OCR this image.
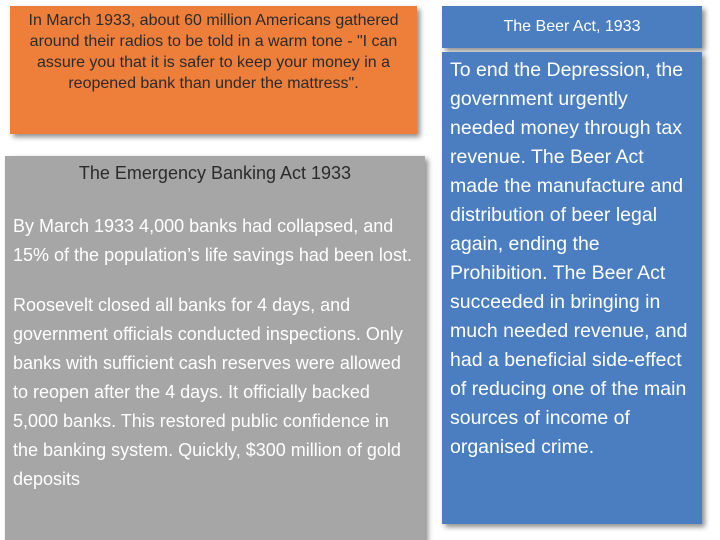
In March 1933, about 60 million Americans gathered around their radios to be told in a warm tone - "I can assure you that it is safer to keep your money in a reopened bank than under the mattress".
The Emergency Banking Act 1933

By March 1933 4,000 banks had collapsed, and 15% of the population’s life savings had been lost.

Roosevelt closed all banks for 4 days, and government officials conducted inspections. Only banks with sufficient cash reserves were allowed to reopen after the 4 days. It officially backed 5,000 banks. This restored public confidence in the banking system. Quickly, $300 million of gold deposits

The Beer Act, 1933
To end the Depression, the government urgently needed money through tax revenue. The Beer Act made the manufacture and distribution of beer legal again, ending the Prohibition. The Beer Act succeeded in bringing in much needed revenue, and had a beneficial side-effect of reducing one of the main sources of income of organised crime.
